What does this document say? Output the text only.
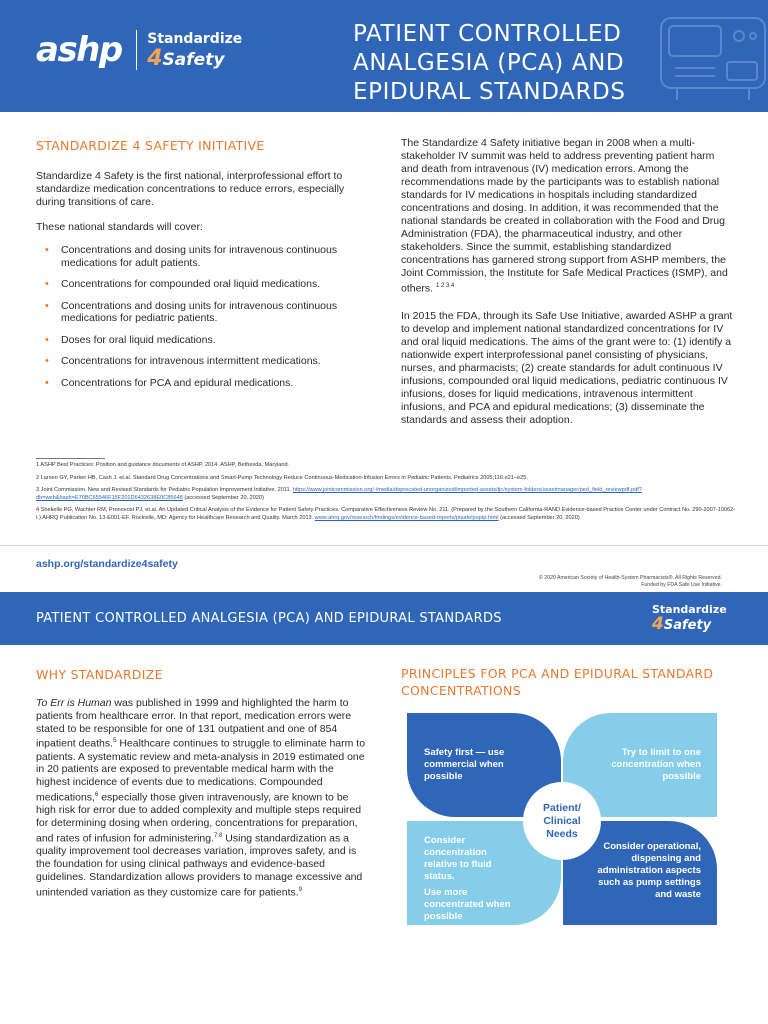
ashp Standardize
4Safety
PATIENT CONTROLLED
ANALGESIA (PCA) AND
EPIDURAL STANDARDS
STANDARDIZE 4 SAFETY INITIATIVE

Standardize 4 Safety is the first national, interprofessional effort to standardize medication concentrations to reduce errors, especially during transitions of care.

These national standards will cover:

• Concentrations and dosing units for intravenous continuous medications for adult patients.
• Concentrations for compounded oral liquid medications.
• Concentrations and dosing units for intravenous continuous medications for pediatric patients.
• Doses for oral liquid medications.
• Concentrations for intravenous intermittent medications.
• Concentrations for PCA and epidural medications.

The Standardize 4 Safety initiative began in 2008 when a multi-stakeholder IV summit was held to address preventing patient harm and death from intravenous (IV) medication errors. Among the recommendations made by the participants was to establish national standards for IV medications in hospitals including standardized concentrations and dosing. In addition, it was recommended that the national standards be created in collaboration with the Food and Drug Administration (FDA), the pharmaceutical industry, and other stakeholders. Since the summit, establishing standardized concentrations has garnered strong support from ASHP members, the Joint Commission, the Institute for Safe Medical Practices (ISMP), and others. $^{1 2 3 4}$

In 2015 the FDA, through its Safe Use Initiative, awarded ASHP a grant to develop and implement national standardized concentrations for IV and oral liquid medications. The aims of the grant were to: (1) identify a nationwide expert interprofessional panel consisting of physicians, nurses, and pharmacists; (2) create standards for adult continuous IV infusions, compounded oral liquid medications, pediatric continuous IV infusions, doses for liquid medications, intravenous intermittent infusions, and PCA and epidural medications; (3) disseminate the standards and assess their adoption.

1 ASHP Best Practices: Position and guidance documents of ASHP. 2014. ASHP, Bethesda, Maryland.

2 Larsen GY, Parker HB, Cash J. et.al. Standard Drug Concentrations and Smart-Pump Technology Reduce Continuous-Medication-Infusion Errors in Pediatric Patients. Pediatrics 2005;116:e21–e25.

3 Joint Commission. New and Revised Standards for Pediatric Population Improvement Initiative. 2011. https://www.jointcommission.org/-/media/deprecated-unorganized/imported-assets/tjc/system-folders/assetmanager/ped_field_reviewpdf.pdf?db=web&hash=E70BC65546F15F201D6432638E0C85648 (accessed September 20, 2020)

4 Shekelle PG, Wachter RM, Pronovost PJ, et.al. An Updated Critical Analysis of the Evidence for Patient Safety Practices. Comparative Effectiveness Review No. 211. (Prepared by the Southern California-RAND Evidence-based Practice Center under Contract No. 290-2007-10062-I.) AHRQ Publication No. 13-E001-EF. Rockville, MD: Agency for Healthcare Research and Quality. March 2013. www.ahrq.gov/research/findings/evidence-based-reports/ptsafetyuptp.html (accessed September 20, 2020)

ashp.org/standardize4safety
© 2020 American Society of Health-System Pharmacists®. All Rights Reserved.
Funded by FDA Safe Use Initiative.
PATIENT CONTROLLED ANALGESIA (PCA) AND EPIDURAL STANDARDS
Standardize
4Safety
WHY STANDARDIZE

To Err is Human was published in 1999 and highlighted the harm to patients from healthcare error. In that report, medication errors were stated to be responsible for one of 131 outpatient and one of 854 inpatient deaths.$^5$ Healthcare continues to struggle to eliminate harm to patients. A systematic review and meta-analysis in 2019 estimated one in 20 patients are exposed to preventable medical harm with the highest incidence of events due to medications. Compounded medications,$^6$ especially those given intravenously, are known to be high risk for error due to added complexity and multiple steps required for determining dosing when ordering, concentrations for preparation, and rates of infusion for administering.$^{7 8}$ Using standardization as a quality improvement tool decreases variation, improves safety, and is the foundation for using clinical pathways and evidence-based guidelines. Standardization allows providers to manage excessive and unintended variation as they customize care for patients.$^9$

PRINCIPLES FOR PCA AND EPIDURAL STANDARD CONCENTRATIONS
Safety first — use commercial when possible
Try to limit to one concentration when possible
Consider concentration relative to fluid status.
Use more concentrated when possible
Consider operational, dispensing and administration aspects such as pump settings and waste
Patient/ Clinical Needs
